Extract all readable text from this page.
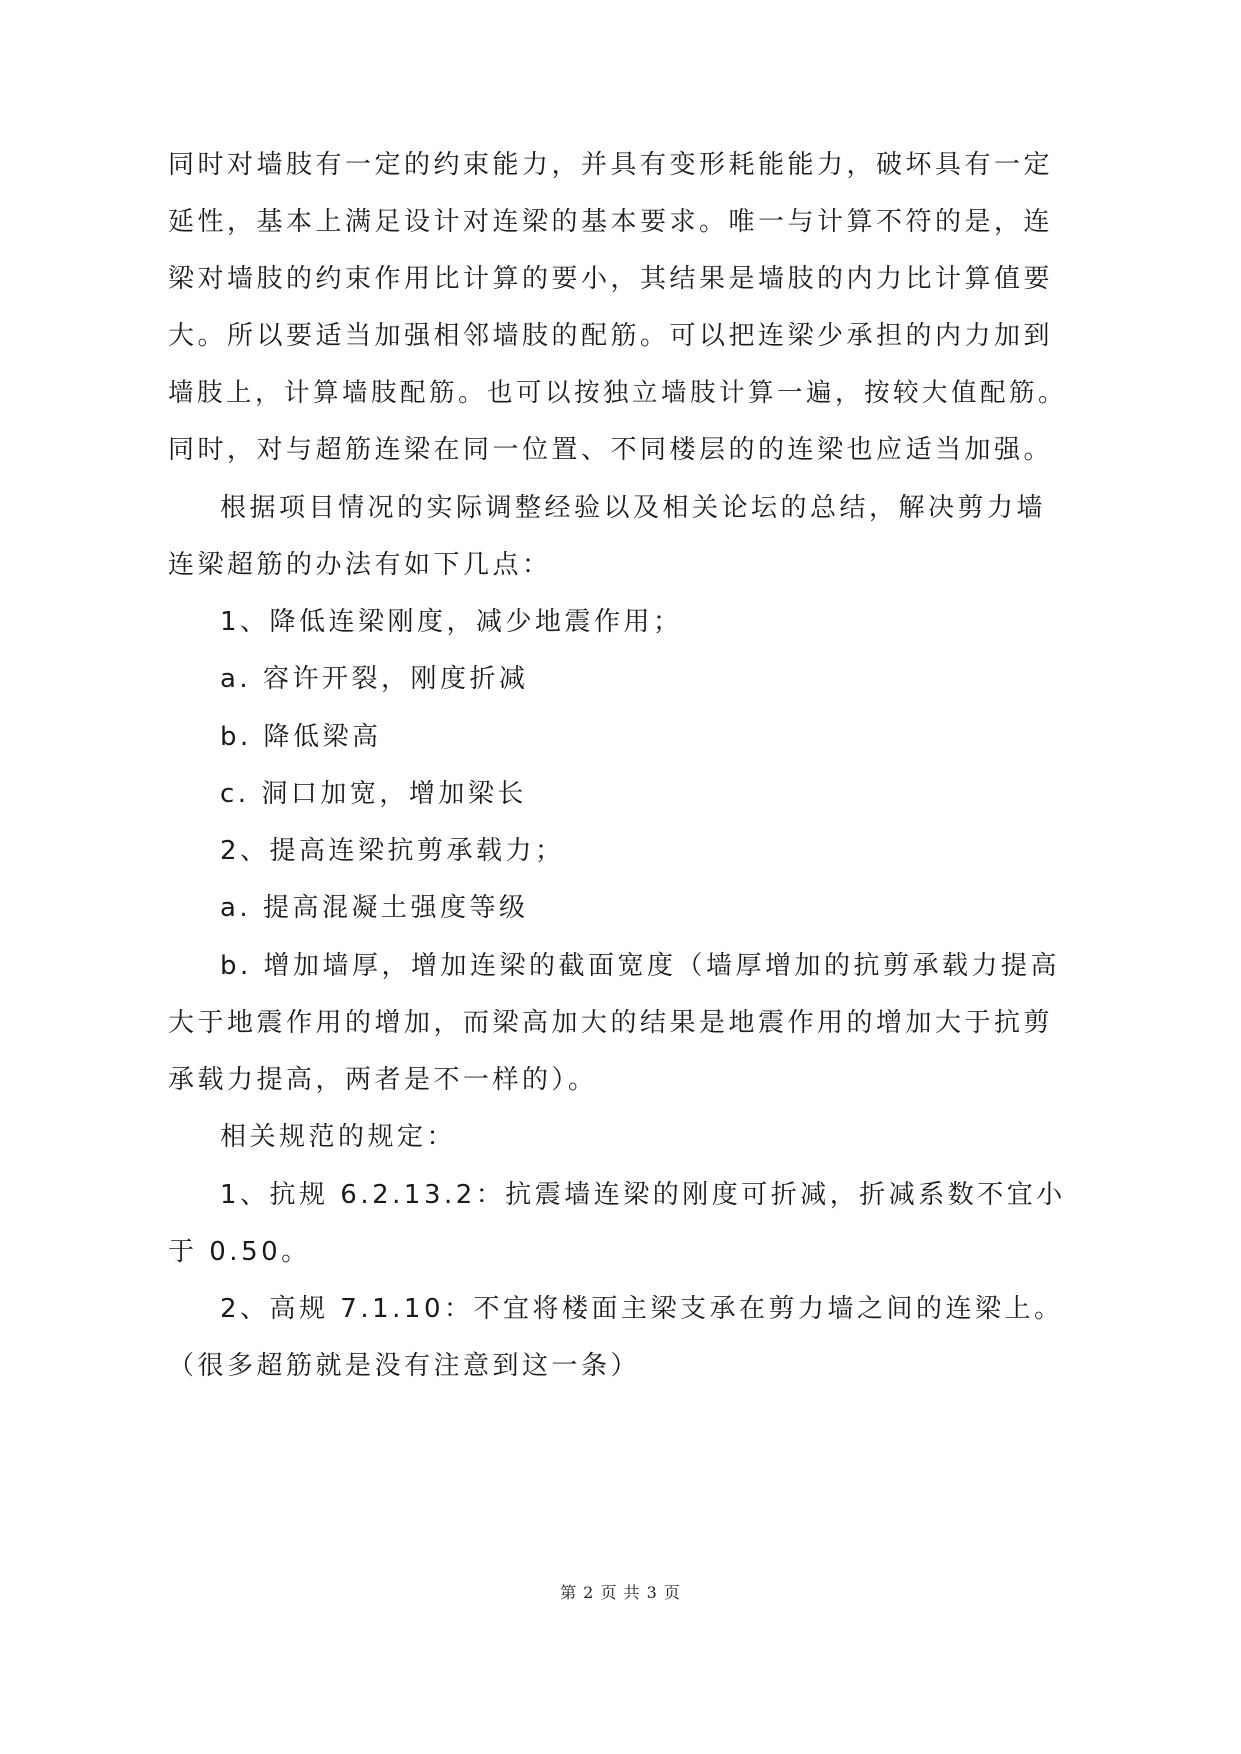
同时对墙肢有一定的约束能力，并具有变形耗能能力，破坏具有一定
延性，基本上满足设计对连梁的基本要求。唯一与计算不符的是，连
梁对墙肢的约束作用比计算的要小，其结果是墙肢的内力比计算值要
大。所以要适当加强相邻墙肢的配筋。可以把连梁少承担的内力加到
墙肢上，计算墙肢配筋。也可以按独立墙肢计算一遍，按较大值配筋。
同时，对与超筋连梁在同一位置、不同楼层的的连梁也应适当加强。
根据项目情况的实际调整经验以及相关论坛的总结，解决剪力墙
连梁超筋的办法有如下几点：
1、降低连梁刚度，减少地震作用；
a. 容许开裂，刚度折减
b. 降低梁高
c. 洞口加宽，增加梁长
2、提高连梁抗剪承载力；
a. 提高混凝土强度等级
b. 增加墙厚，增加连梁的截面宽度（墙厚增加的抗剪承载力提高
大于地震作用的增加，而梁高加大的结果是地震作用的增加大于抗剪
承载力提高，两者是不一样的）。
相关规范的规定：
1、抗规 6.2.13.2：抗震墙连梁的刚度可折减，折减系数不宜小
于 0.50。
2、高规 7.1.10：不宜将楼面主梁支承在剪力墙之间的连梁上。
（很多超筋就是没有注意到这一条）
第 2 页 共 3 页
